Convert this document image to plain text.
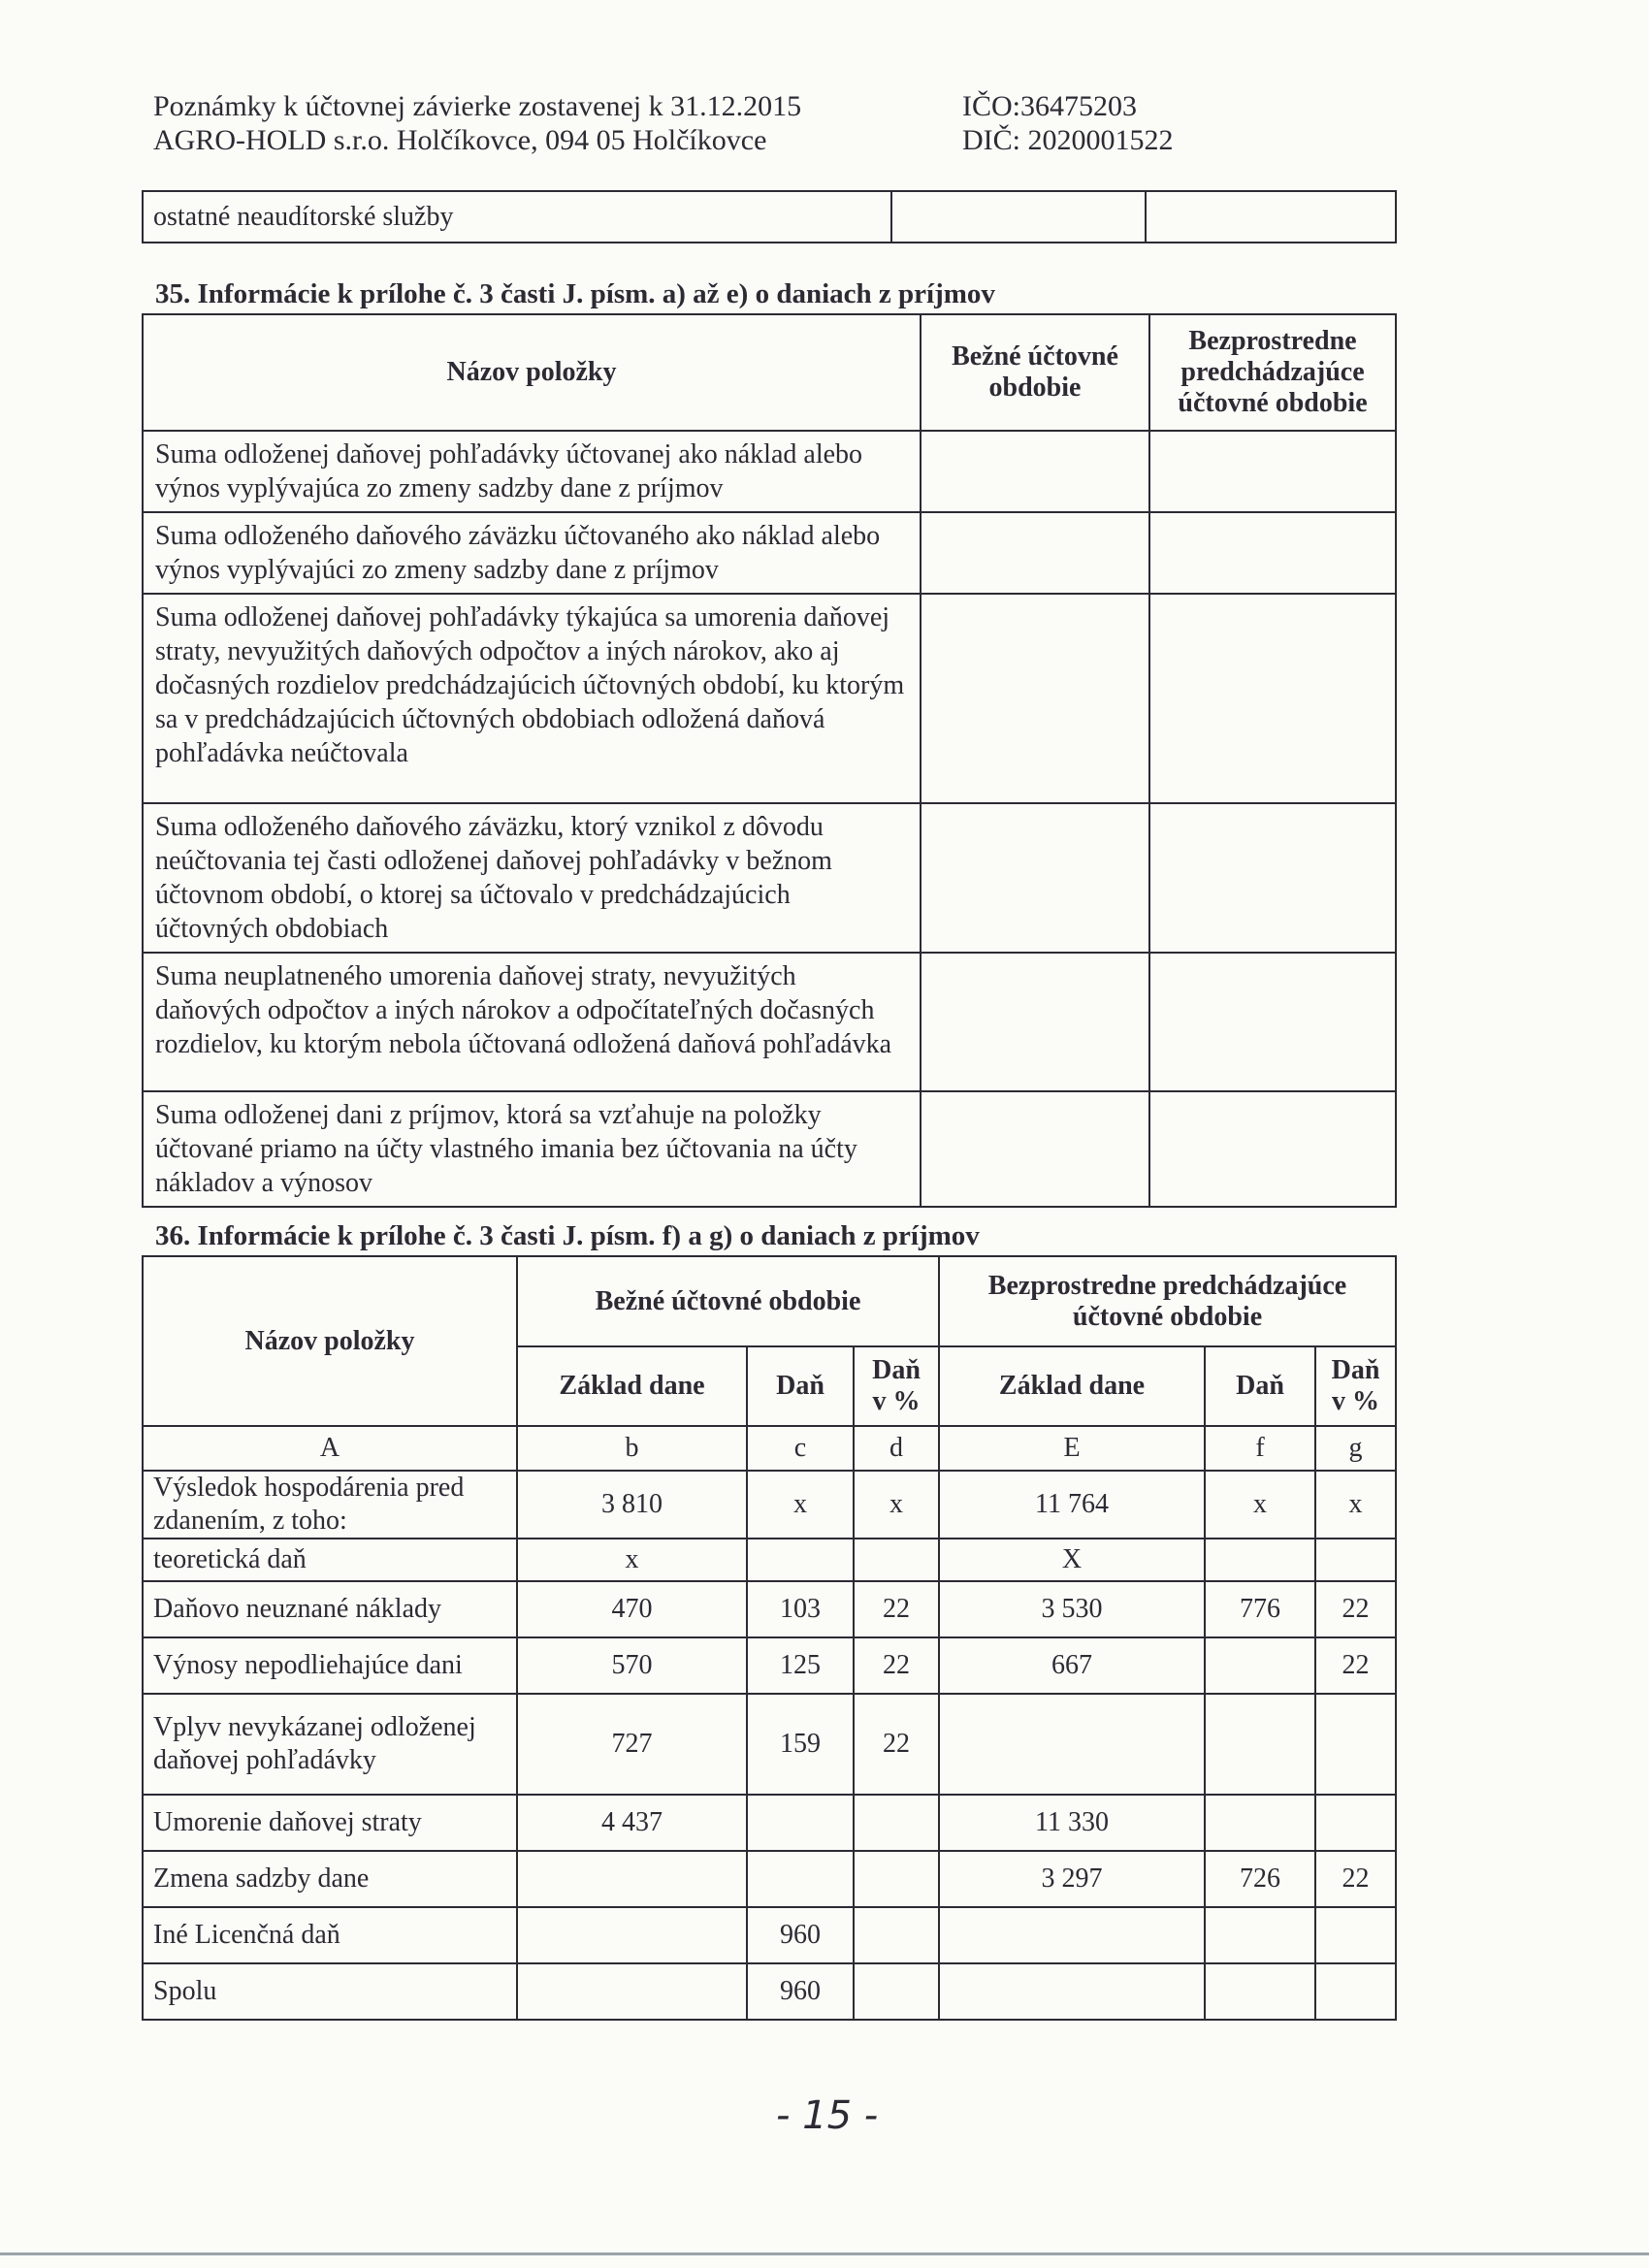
Poznámky k účtovnej závierke zostavenej k 31.12.2015
AGRO-HOLD s.r.o. Holčíkovce, 094 05 Holčíkovce
IČO:36475203
DIČ: 2020001522
ostatné neaudítorské služby		
35. Informácie k prílohe č. 3 časti J. písm. a) až e) o daniach z príjmov
Názov položky	Bežné účtovné obdobie	Bezprostredne predchádzajúce účtovné obdobie
Suma odloženej daňovej pohľadávky účtovanej ako náklad alebo výnos vyplývajúca zo zmeny sadzby dane z príjmov		
Suma odloženého daňového záväzku účtovaného ako náklad alebo výnos vyplývajúci zo zmeny sadzby dane z príjmov		
Suma odloženej daňovej pohľadávky týkajúca sa umorenia daňovej straty, nevyužitých daňových odpočtov a iných nárokov, ako aj dočasných rozdielov predchádzajúcich účtovných období, ku ktorým sa v predchádzajúcich účtovných obdobiach odložená daňová pohľadávka neúčtovala		
Suma odloženého daňového záväzku, ktorý vznikol z dôvodu neúčtovania tej časti odloženej daňovej pohľadávky v bežnom účtovnom období, o ktorej sa účtovalo v predchádzajúcich účtovných obdobiach		
Suma neuplatneného umorenia daňovej straty, nevyužitých daňových odpočtov a iných nárokov a odpočítateľných dočasných rozdielov, ku ktorým nebola účtovaná odložená daňová pohľadávka		
Suma odloženej dani z príjmov, ktorá sa vzťahuje na položky účtované priamo na účty vlastného imania bez účtovania na účty nákladov a výnosov		
36. Informácie k prílohe č. 3 časti J. písm. f) a g) o daniach z príjmov
Názov položky	Bežné účtovné obdobie			Bezprostredne predchádzajúce účtovné obdobie		
	Základ dane	Daň	Daň v %	Základ dane	Daň	Daň v %
A	b	c	d	E	f	g
Výsledok hospodárenia pred zdanením, z toho:	3 810	x	x	11 764	x	x
teoretická daň	x			X		
Daňovo neuznané náklady	470	103	22	3 530	776	22
Výnosy nepodliehajúce dani	570	125	22	667		22
Vplyv nevykázanej odloženej daňovej pohľadávky	727	159	22			
Umorenie daňovej straty	4 437			11 330		
Zmena sadzby dane				3 297	726	22
Iné Licenčná daň		960				
Spolu		960				
- 15 -
